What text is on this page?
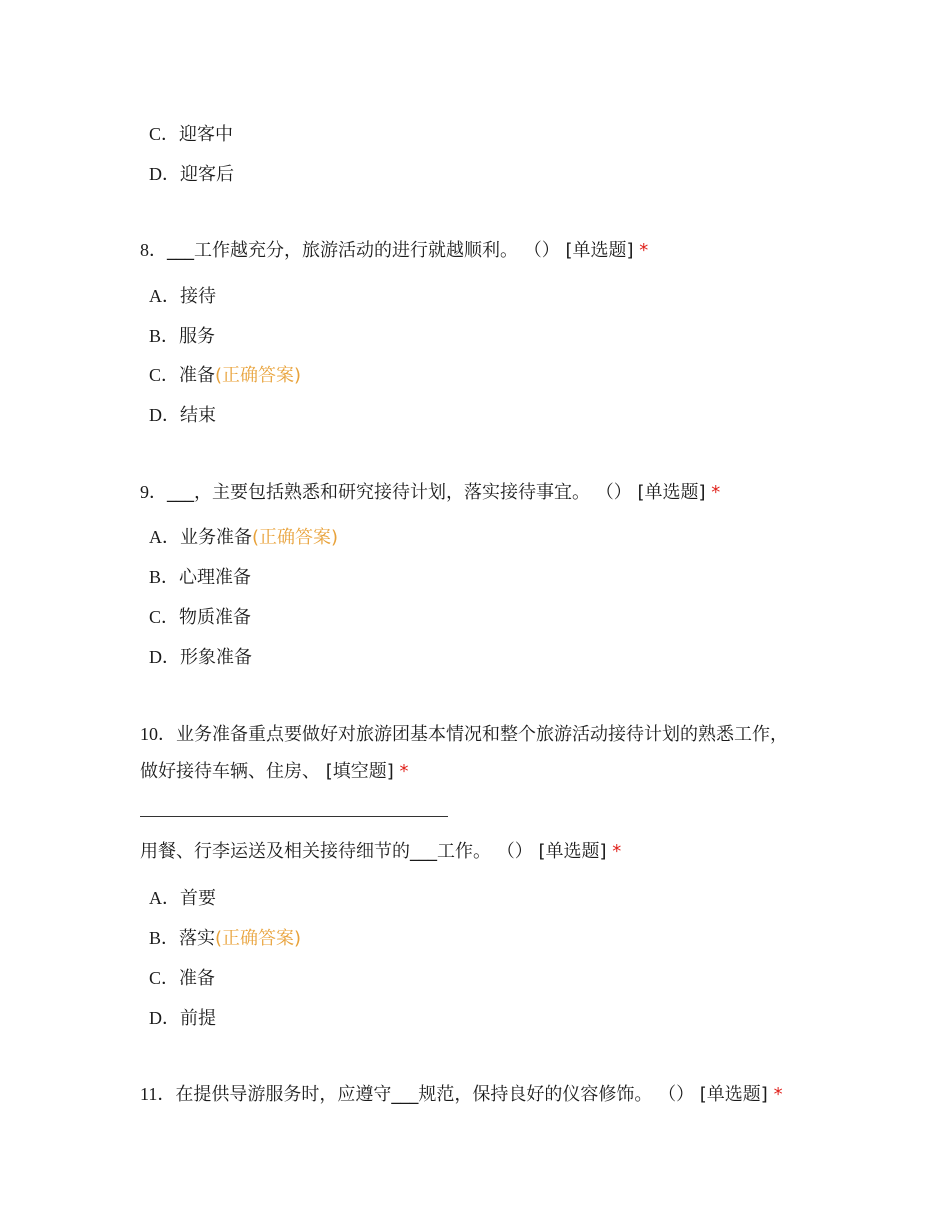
C．迎客中
D．迎客后
8．___工作越充分，旅游活动的进行就越顺利。 （） [单选题] *
A．接待
B．服务
C．准备(正确答案)
D．结束
9．___，主要包括熟悉和研究接待计划，落实接待事宜。 （） [单选题] *
A．业务准备(正确答案)
B．心理准备
C．物质准备
D．形象准备
10．业务准备重点要做好对旅游团基本情况和整个旅游活动接待计划的熟悉工作，
做好接待车辆、住房、 [填空题] *
用餐、行李运送及相关接待细节的___工作。 （） [单选题] *
A．首要
B．落实(正确答案)
C．准备
D．前提
11．在提供导游服务时，应遵守___规范，保持良好的仪容修饰。 （） [单选题] *
